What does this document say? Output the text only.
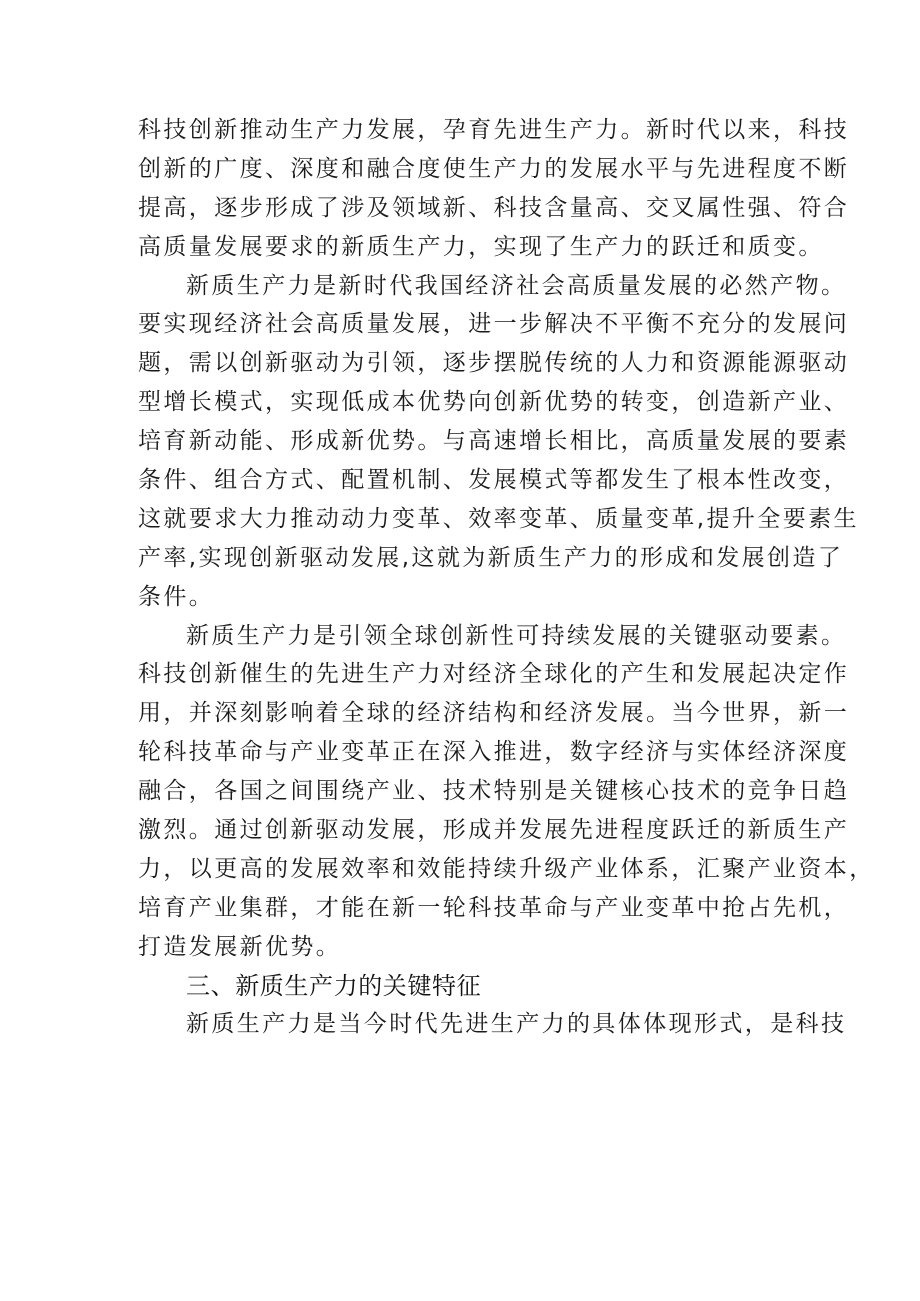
科技创新推动生产力发展，孕育先进生产力。新时代以来，科技
创新的广度、深度和融合度使生产力的发展水平与先进程度不断
提高，逐步形成了涉及领域新、科技含量高、交叉属性强、符合
高质量发展要求的新质生产力，实现了生产力的跃迁和质变。
新质生产力是新时代我国经济社会高质量发展的必然产物。
要实现经济社会高质量发展，进一步解决不平衡不充分的发展问
题，需以创新驱动为引领，逐步摆脱传统的人力和资源能源驱动
型增长模式，实现低成本优势向创新优势的转变，创造新产业、
培育新动能、形成新优势。与高速增长相比，高质量发展的要素
条件、组合方式、配置机制、发展模式等都发生了根本性改变，
这就要求大力推动动力变革、效率变革、质量变革,提升全要素生
产率,实现创新驱动发展,这就为新质生产力的形成和发展创造了
条件。
新质生产力是引领全球创新性可持续发展的关键驱动要素。
科技创新催生的先进生产力对经济全球化的产生和发展起决定作
用，并深刻影响着全球的经济结构和经济发展。当今世界，新一
轮科技革命与产业变革正在深入推进，数字经济与实体经济深度
融合，各国之间围绕产业、技术特别是关键核心技术的竞争日趋
激烈。通过创新驱动发展，形成并发展先进程度跃迁的新质生产
力，以更高的发展效率和效能持续升级产业体系，汇聚产业资本，
培育产业集群，才能在新一轮科技革命与产业变革中抢占先机，
打造发展新优势。
三、新质生产力的关键特征
新质生产力是当今时代先进生产力的具体体现形式，是科技
